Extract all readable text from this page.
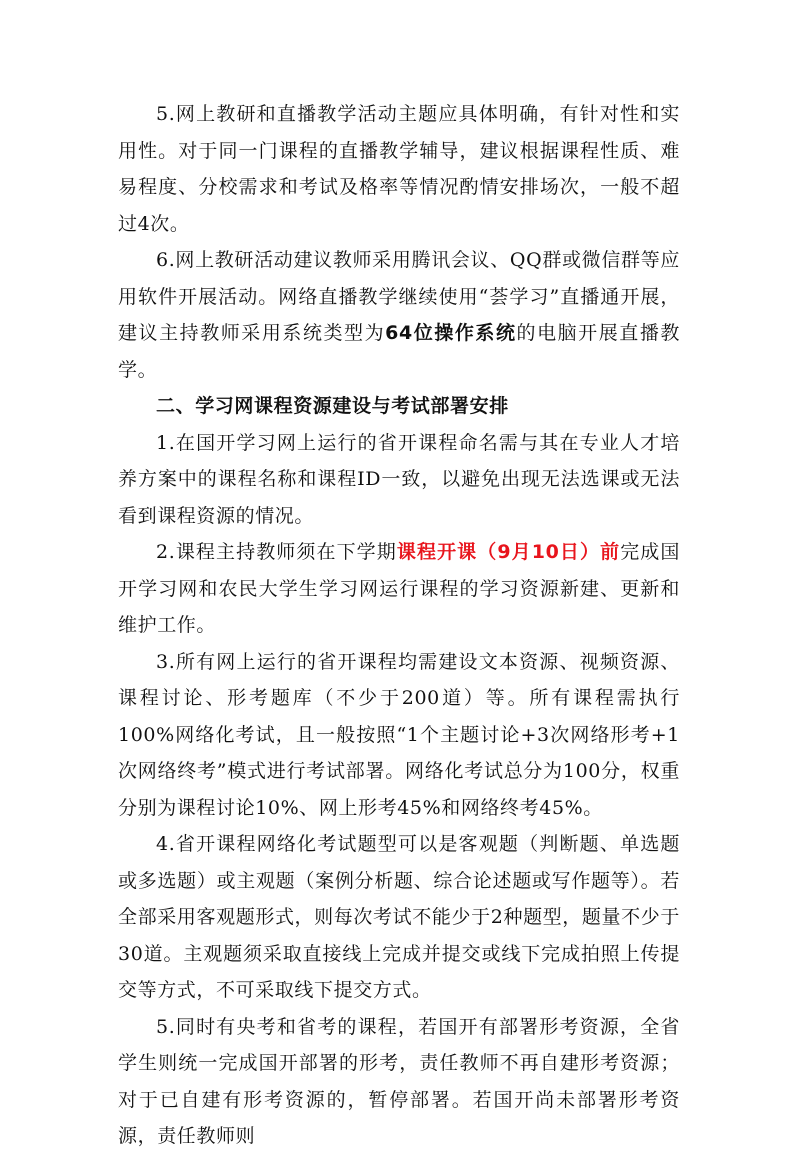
5.网上教研和直播教学活动主题应具体明确，有针对性和实用性。对于同一门课程的直播教学辅导，建议根据课程性质、难易程度、分校需求和考试及格率等情况酌情安排场次，一般不超过4次。

6.网上教研活动建议教师采用腾讯会议、QQ群或微信群等应用软件开展活动。网络直播教学继续使用“荟学习”直播通开展，建议主持教师采用系统类型为64位操作系统的电脑开展直播教学。

二、学习网课程资源建设与考试部署安排

1.在国开学习网上运行的省开课程命名需与其在专业人才培养方案中的课程名称和课程ID一致，以避免出现无法选课或无法看到课程资源的情况。

2.课程主持教师须在下学期课程开课（9月10日）前完成国开学习网和农民大学生学习网运行课程的学习资源新建、更新和维护工作。

3.所有网上运行的省开课程均需建设文本资源、视频资源、课程讨论、形考题库（不少于200道）等。所有课程需执行100%网络化考试，且一般按照“1个主题讨论+3次网络形考+1次网络终考”模式进行考试部署。网络化考试总分为100分，权重分别为课程讨论10%、网上形考45%和网络终考45%。

4.省开课程网络化考试题型可以是客观题（判断题、单选题或多选题）或主观题（案例分析题、综合论述题或写作题等）。若全部采用客观题形式，则每次考试不能少于2种题型，题量不少于30道。主观题须采取直接线上完成并提交或线下完成拍照上传提交等方式，不可采取线下提交方式。

5.同时有央考和省考的课程，若国开有部署形考资源，全省学生则统一完成国开部署的形考，责任教师不再自建形考资源；对于已自建有形考资源的，暂停部署。若国开尚未部署形考资源，责任教师则
